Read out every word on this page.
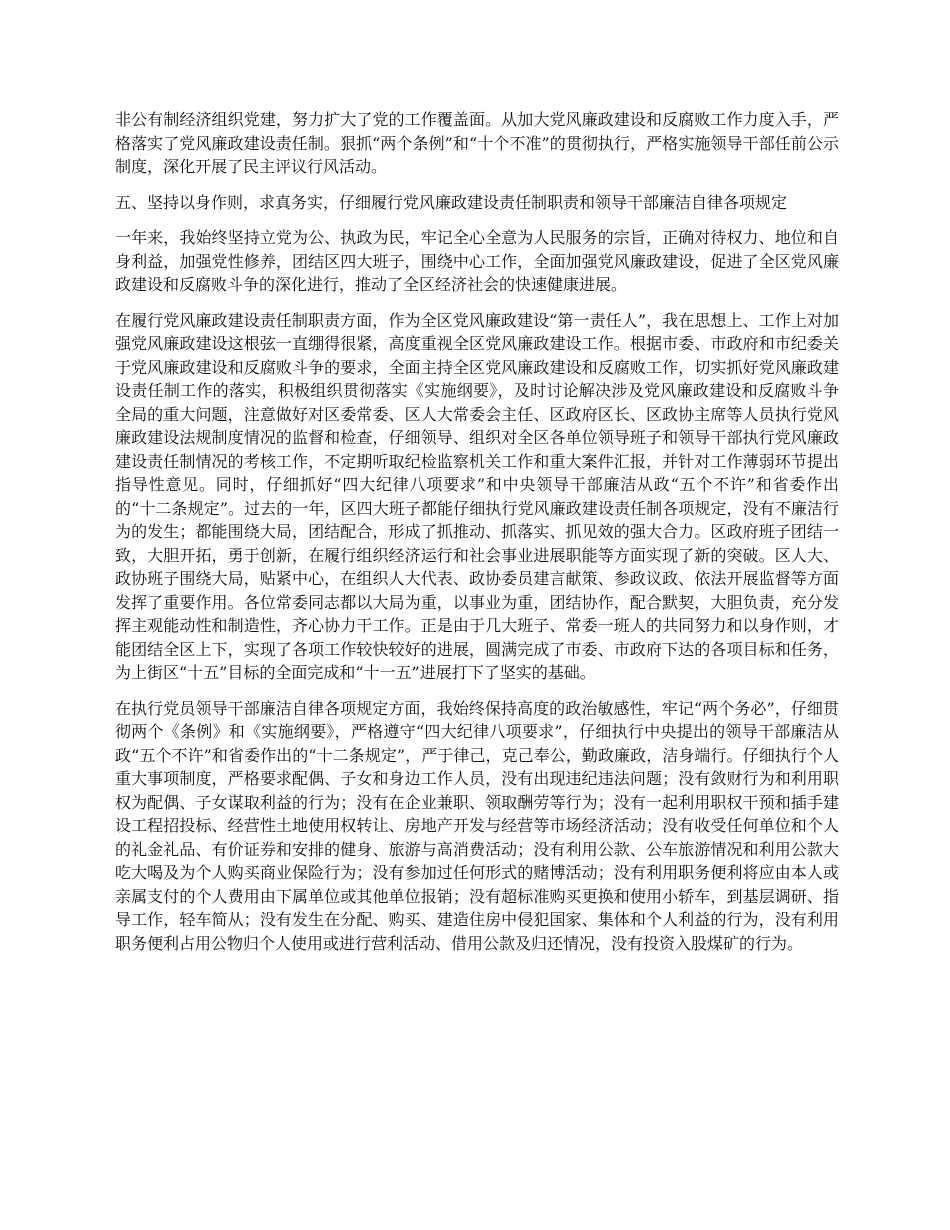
非公有制经济组织党建，努力扩大了党的工作覆盖面。从加大党风廉政建设和反腐败工作力度入手，严格落实了党风廉政建设责任制。狠抓“两个条例”和“十个不准”的贯彻执行，严格实施领导干部任前公示制度，深化开展了民主评议行风活动。

五、坚持以身作则，求真务实，仔细履行党风廉政建设责任制职责和领导干部廉洁自律各项规定

一年来，我始终坚持立党为公、执政为民，牢记全心全意为人民服务的宗旨，正确对待权力、地位和自身利益，加强党性修养，团结区四大班子，围绕中心工作，全面加强党风廉政建设，促进了全区党风廉政建设和反腐败斗争的深化进行，推动了全区经济社会的快速健康进展。

在履行党风廉政建设责任制职责方面，作为全区党风廉政建设“第一责任人”，我在思想上、工作上对加强党风廉政建设这根弦一直绷得很紧，高度重视全区党风廉政建设工作。根据市委、市政府和市纪委关于党风廉政建设和反腐败斗争的要求，全面主持全区党风廉政建设和反腐败工作，切实抓好党风廉政建设责任制工作的落实，积极组织贯彻落实《实施纲要》，及时讨论解决涉及党风廉政建设和反腐败斗争全局的重大问题，注意做好对区委常委、区人大常委会主任、区政府区长、区政协主席等人员执行党风廉政建设法规制度情况的监督和检查，仔细领导、组织对全区各单位领导班子和领导干部执行党风廉政建设责任制情况的考核工作，不定期听取纪检监察机关工作和重大案件汇报，并针对工作薄弱环节提出指导性意见。同时，仔细抓好“四大纪律八项要求”和中央领导干部廉洁从政“五个不许”和省委作出的“十二条规定”。过去的一年，区四大班子都能仔细执行党风廉政建设责任制各项规定，没有不廉洁行为的发生；都能围绕大局，团结配合，形成了抓推动、抓落实、抓见效的强大合力。区政府班子团结一致，大胆开拓，勇于创新，在履行组织经济运行和社会事业进展职能等方面实现了新的突破。区人大、政协班子围绕大局，贴紧中心，在组织人大代表、政协委员建言献策、参政议政、依法开展监督等方面发挥了重要作用。各位常委同志都以大局为重，以事业为重，团结协作，配合默契，大胆负责，充分发挥主观能动性和制造性，齐心协力干工作。正是由于几大班子、常委一班人的共同努力和以身作则，才能团结全区上下，实现了各项工作较快较好的进展，圆满完成了市委、市政府下达的各项目标和任务，为上街区“十五”目标的全面完成和“十一五”进展打下了坚实的基础。

在执行党员领导干部廉洁自律各项规定方面，我始终保持高度的政治敏感性，牢记“两个务必”，仔细贯彻两个《条例》和《实施纲要》，严格遵守“四大纪律八项要求”，仔细执行中央提出的领导干部廉洁从政“五个不许”和省委作出的“十二条规定”，严于律己，克己奉公，勤政廉政，洁身端行。仔细执行个人重大事项制度，严格要求配偶、子女和身边工作人员，没有出现违纪违法问题；没有敛财行为和利用职权为配偶、子女谋取利益的行为；没有在企业兼职、领取酬劳等行为；没有一起利用职权干预和插手建设工程招投标、经营性土地使用权转让、房地产开发与经营等市场经济活动；没有收受任何单位和个人的礼金礼品、有价证券和安排的健身、旅游与高消费活动；没有利用公款、公车旅游情况和利用公款大吃大喝及为个人购买商业保险行为；没有参加过任何形式的赌博活动；没有利用职务便利将应由本人或亲属支付的个人费用由下属单位或其他单位报销；没有超标准购买更换和使用小轿车，到基层调研、指导工作，轻车简从；没有发生在分配、购买、建造住房中侵犯国家、集体和个人利益的行为，没有利用职务便利占用公物归个人使用或进行营利活动、借用公款及归还情况，没有投资入股煤矿的行为。
